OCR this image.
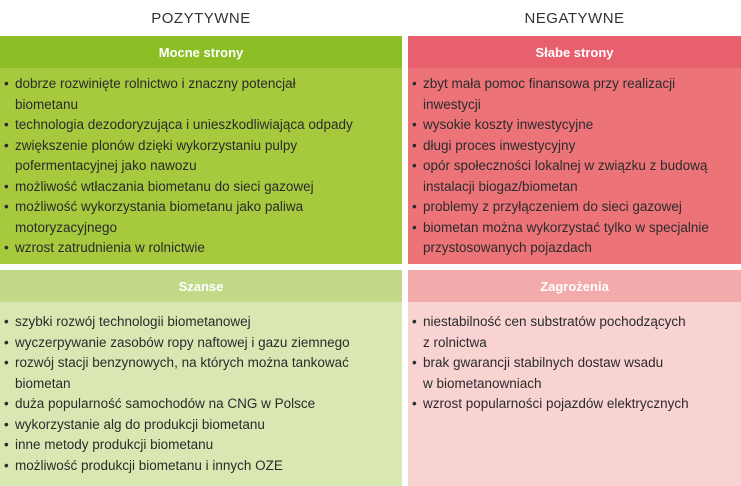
POZYTYWNE	NEGATYWNE
Mocne strony
• dobrze rozwinięte rolnictwo i znaczny potencjał
biometanu
• technologia dezodoryzująca i unieszkodliwiająca odpady
• zwiększenie plonów dzięki wykorzystaniu pulpy
pofermentacyjnej jako nawozu
• możliwość wtłaczania biometanu do sieci gazowej
• możliwość wykorzystania biometanu jako paliwa
motoryzacyjnego
• wzrost zatrudnienia w rolnictwie
Słabe strony
• zbyt mała pomoc finansowa przy realizacji
inwestycji
• wysokie koszty inwestycyjne
• długi proces inwestycyjny
• opór społeczności lokalnej w związku z budową
instalacji biogaz/biometan
• problemy z przyłączeniem do sieci gazowej
• biometan można wykorzystać tylko w specjalnie
przystosowanych pojazdach
Szanse
• szybki rozwój technologii biometanowej
• wyczerpywanie zasobów ropy naftowej i gazu ziemnego
• rozwój stacji benzynowych, na których można tankować
biometan
• duża popularność samochodów na CNG w Polsce
• wykorzystanie alg do produkcji biometanu
• inne metody produkcji biometanu
• możliwość produkcji biometanu i innych OZE
Zagrożenia
• niestabilność cen substratów pochodzących
z rolnictwa
• brak gwarancji stabilnych dostaw wsadu
w biometanowniach
• wzrost popularności pojazdów elektrycznych
